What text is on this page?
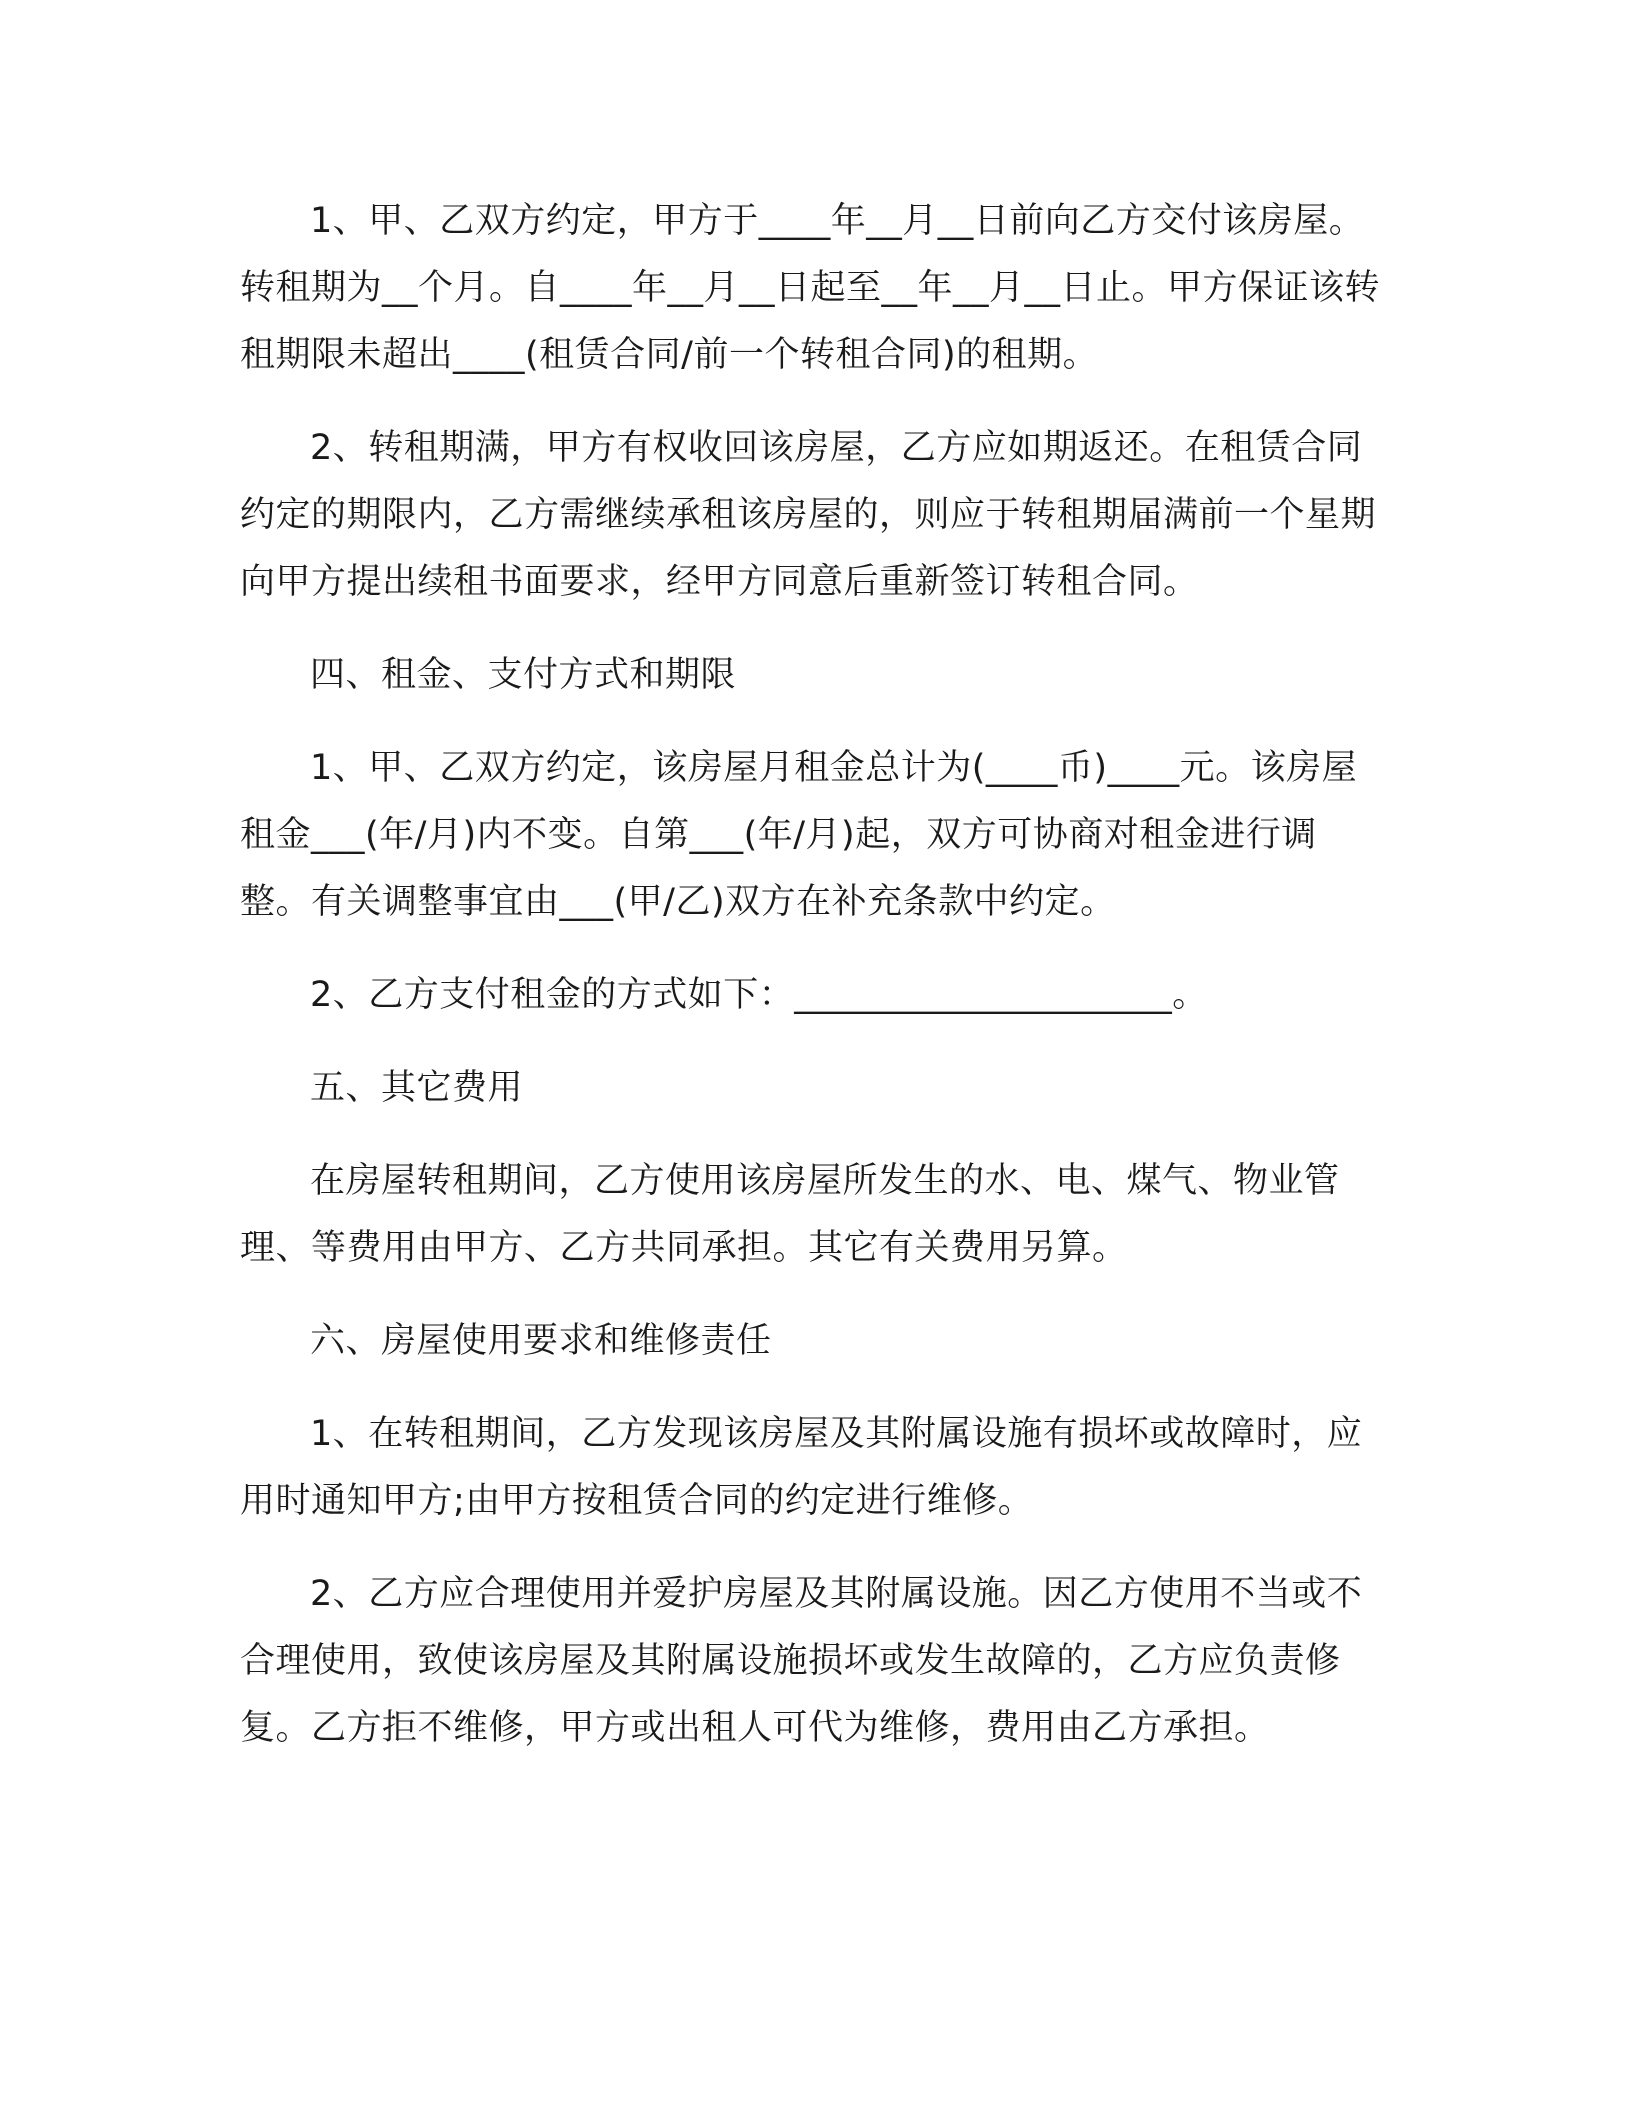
1、甲、乙双方约定，甲方于____年__月__日前向乙方交付该房屋。转租期为__个月。自____年__月__日起至__年__月__日止。甲方保证该转租期限未超出____(租赁合同/前一个转租合同)的租期。

2、转租期满，甲方有权收回该房屋，乙方应如期返还。在租赁合同约定的期限内，乙方需继续承租该房屋的，则应于转租期届满前一个星期向甲方提出续租书面要求，经甲方同意后重新签订转租合同。

四、租金、支付方式和期限

1、甲、乙双方约定，该房屋月租金总计为(____币)____元。该房屋租金___(年/月)内不变。自第___(年/月)起，双方可协商对租金进行调整。有关调整事宜由___(甲/乙)双方在补充条款中约定。

2、乙方支付租金的方式如下：_____________________。

五、其它费用

在房屋转租期间，乙方使用该房屋所发生的水、电、煤气、物业管理、等费用由甲方、乙方共同承担。其它有关费用另算。

六、房屋使用要求和维修责任

1、在转租期间，乙方发现该房屋及其附属设施有损坏或故障时，应用时通知甲方;由甲方按租赁合同的约定进行维修。

2、乙方应合理使用并爱护房屋及其附属设施。因乙方使用不当或不合理使用，致使该房屋及其附属设施损坏或发生故障的，乙方应负责修复。乙方拒不维修，甲方或出租人可代为维修，费用由乙方承担。
